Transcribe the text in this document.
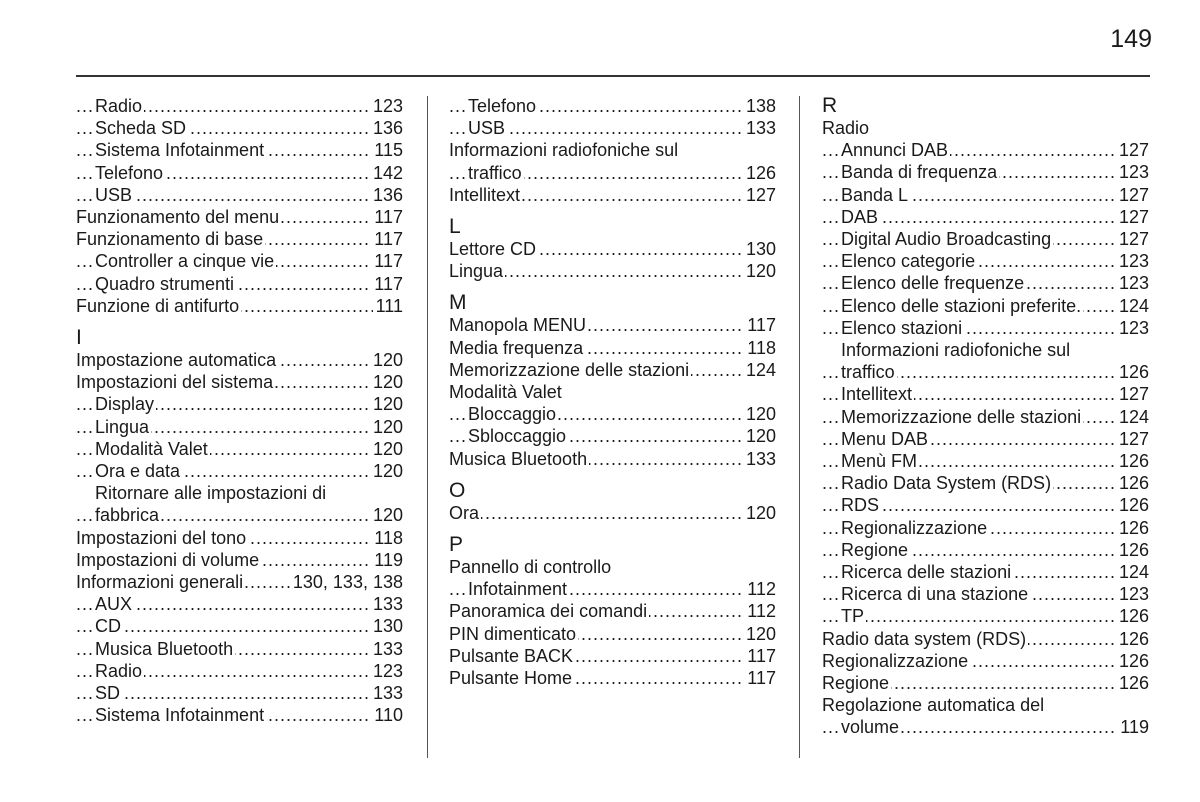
149
Radio	123
.....
Scheda SD	136
.....
Sistema Infotainment	115
.....
Telefono	142
.....
USB	136
.....
Funzionamento del menu	117
.....
Funzionamento di base	117
.....
Controller a cinque vie	117
.....
Quadro strumenti	117
.....
Funzione di antifurto	111
.....
I
Impostazione automatica	120
.....
Impostazioni del sistema	120
.....
Display	120
.....
Lingua	120
.....
Modalità Valet	120
.....
Ora e data	120
.....
Ritornare alle impostazioni di
fabbrica	120
.....
Impostazioni del tono	118
.....
Impostazioni di volume	119
.....
Informazioni generali	130, 133, 138
.....
AUX	133
.....
CD	130
.....
Musica Bluetooth	133
.....
Radio	123
.....
SD	133
.....
Sistema Infotainment	110
.....
Telefono	138
.....
USB	133
.....
Informazioni radiofoniche sul
traffico	126
.....
Intellitext	127
.....
L
Lettore CD	130
.....
Lingua	120
.....
M
Manopola MENU	117
.....
Media frequenza	118
.....
Memorizzazione delle stazioni	124
.....
Modalità Valet
Bloccaggio	120
.....
Sbloccaggio	120
.....
Musica Bluetooth	133
.....
O
Ora	120
.....
P
Pannello di controllo
Infotainment	112
.....
Panoramica dei comandi	112
.....
PIN dimenticato	120
.....
Pulsante BACK	117
.....
Pulsante Home	117
.....
R
Radio
Annunci DAB	127
.....
Banda di frequenza	123
.....
Banda L	127
.....
DAB	127
.....
Digital Audio Broadcasting	127
.....
Elenco categorie	123
.....
Elenco delle frequenze	123
.....
Elenco delle stazioni preferite. 124
.....
Elenco stazioni	123
.....
Informazioni radiofoniche sul
traffico	126
.....
Intellitext	127
.....
Memorizzazione delle stazioni 124
.....
Menu DAB	127
.....
Menù FM	126
.....
Radio Data System (RDS)	126
.....
RDS	126
.....
Regionalizzazione	126
.....
Regione	126
.....
Ricerca delle stazioni	124
.....
Ricerca di una stazione	123
.....
TP	126
.....
Radio data system (RDS)	126
.....
Regionalizzazione	126
.....
Regione	126
.....
Regolazione automatica del
volume	119
.....
